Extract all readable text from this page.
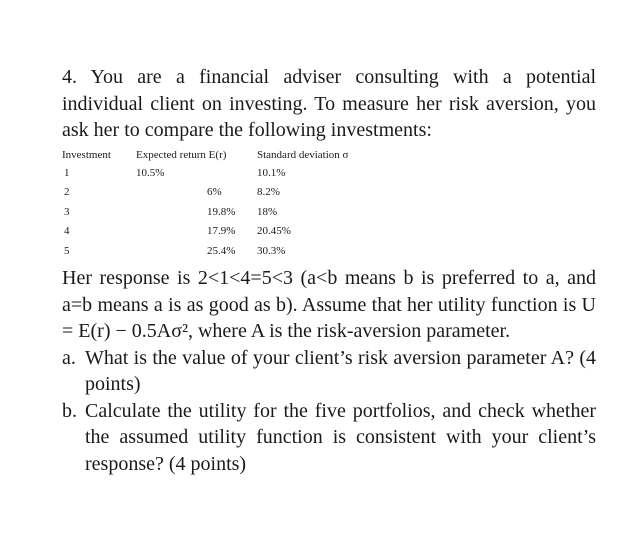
4. You are a financial adviser consulting with a potential individual client on investing. To measure her risk aversion, you ask her to compare the following investments:

Investment	Expected return E(r)	Standard deviation σ
1	10.5%	10.1%
2	6%	8.2%
3	19.8%	18%
4	17.9%	20.45%
5	25.4%	30.3%

Her response is 2<1<4=5<3 (a<b means b is preferred to a, and a=b means a is as good as b). Assume that her utility function is U = E(r) − 0.5Aσ², where A is the risk-aversion parameter.

a. What is the value of your client’s risk aversion parameter A? (4 points)
b. Calculate the utility for the five portfolios, and check whether the assumed utility function is consistent with your client’s response? (4 points)
